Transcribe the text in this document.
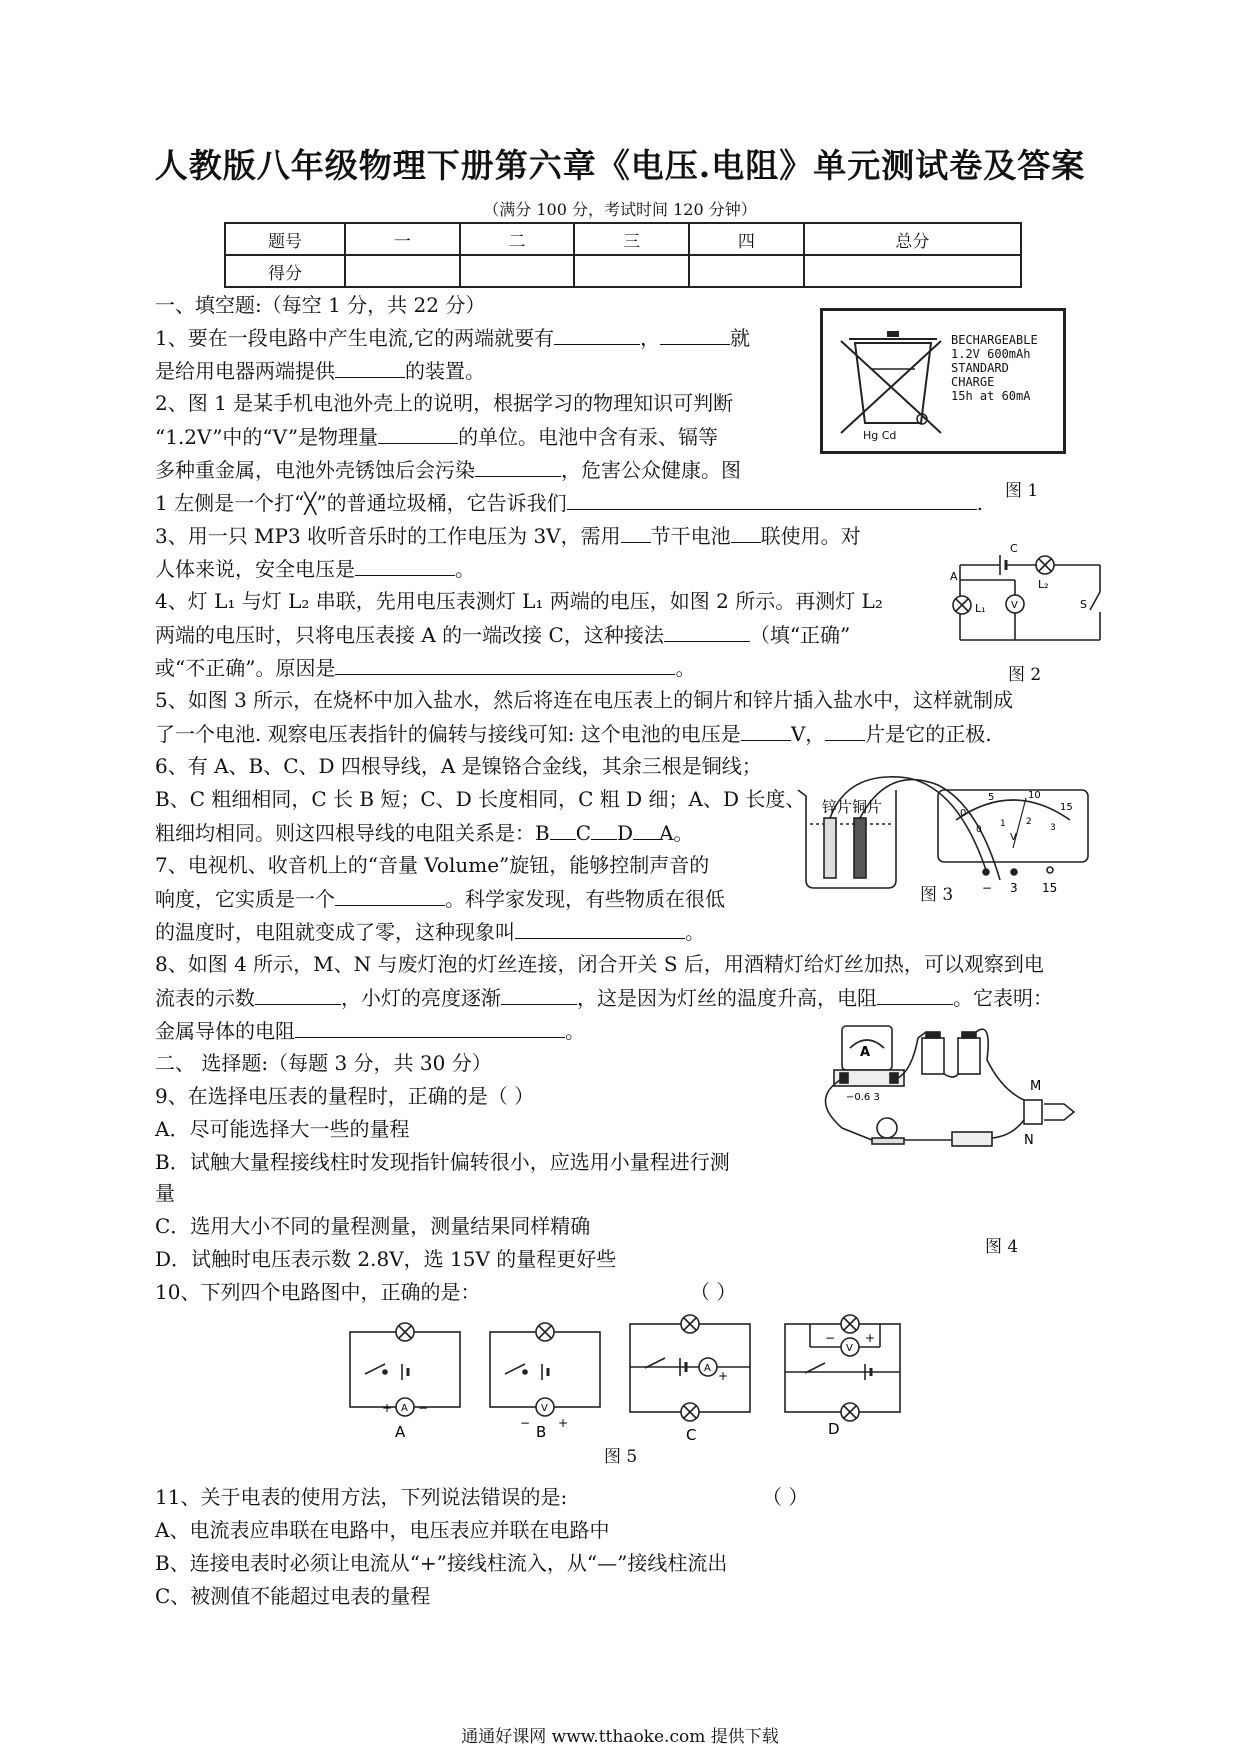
人教版八年级物理下册第六章《电压.电阻》单元测试卷及答案
（满分 100 分，考试时间 120 分钟）
题号	一	二	三	四	总分
得分					
一、填空题:（每空 1 分，共 22 分）
1、要在一段电路中产生电流,它的两端就要有	，	就
是给用电器两端提供	的装置。
2、图 1 是某手机电池外壳上的说明，根据学习的物理知识可判断
“1.2V”中的“V”是物理量	的单位。电池中含有汞、镉等
多种重金属，电池外壳锈蚀后会污染	，危害公众健康。图
1 左侧是一个打“╳”的普通垃圾桶，它告诉我们	.
3、用一只 MP3 收听音乐时的工作电压为 3V，需用 节干电池 联使用。对
人体来说，安全电压是	。
4、灯 L₁ 与灯 L₂ 串联，先用电压表测灯 L₁ 两端的电压，如图 2 所示。再测灯 L₂
两端的电压时，只将电压表接 A 的一端改接 C，这种接法	（填“正确”
或“不正确”。原因是	。
5、如图 3 所示，在烧杯中加入盐水，然后将连在电压表上的铜片和锌片插入盐水中，这样就制成
了一个电池. 观察电压表指针的偏转与接线可知: 这个电池的电压是	V， 片是它的正极.
6、有 A、B、C、D 四根导线，A 是镍铬合金线，其余三根是铜线；
B、C 粗细相同，C 长 B 短；C、D 长度相同，C 粗 D 细；A、D 长度、
粗细均相同。则这四根导线的电阻关系是：B C D A。
7、电视机、收音机上的“音量 Volume”旋钮，能够控制声音的
响度，它实质是一个	。科学家发现，有些物质在很低
的温度时，电阻就变成了零，这种现象叫	。
8、如图 4 所示，M、N 与废灯泡的灯丝连接，闭合开关 S 后，用酒精灯给灯丝加热，可以观察到电
流表的示数	，小灯的亮度逐渐	，这是因为灯丝的温度升高，电阻	。它表明：
金属导体的电阻	。
二、 选择题:（每题 3 分，共 30 分）
9、在选择电压表的量程时，正确的是（ ）
A．尽可能选择大一些的量程
B．试触大量程接线柱时发现指针偏转很小，应选用小量程进行测
量
C．选用大小不同的量程测量，测量结果同样精确
D．试触时电压表示数 2.8V，选 15V 的量程更好些
10、下列四个电路图中，正确的是：	（ ）
11、关于电表的使用方法，下列说法错误的是:	（ ）
A、电流表应串联在电路中，电压表应并联在电路中
B、连接电表时必须让电流从“+”接线柱流入，从“—”接线柱流出
C、被测值不能超过电表的量程
Hg Cd
BECHARGEABLE
1.2V 600mAh
STANDARD
CHARGE
15h at 60mA
图 1
A
C
L₂
L₁	V	S
图 2
锌片 铜片	0
5	10
15
0
1 2
3
V
− 3 15
图 3
A
−0.6 3
M
N
图 4
A
+ −	V
− +
A
+
V
− +
A	B	C	D
图 5
通通好课网 www.tthaoke.com 提供下载
